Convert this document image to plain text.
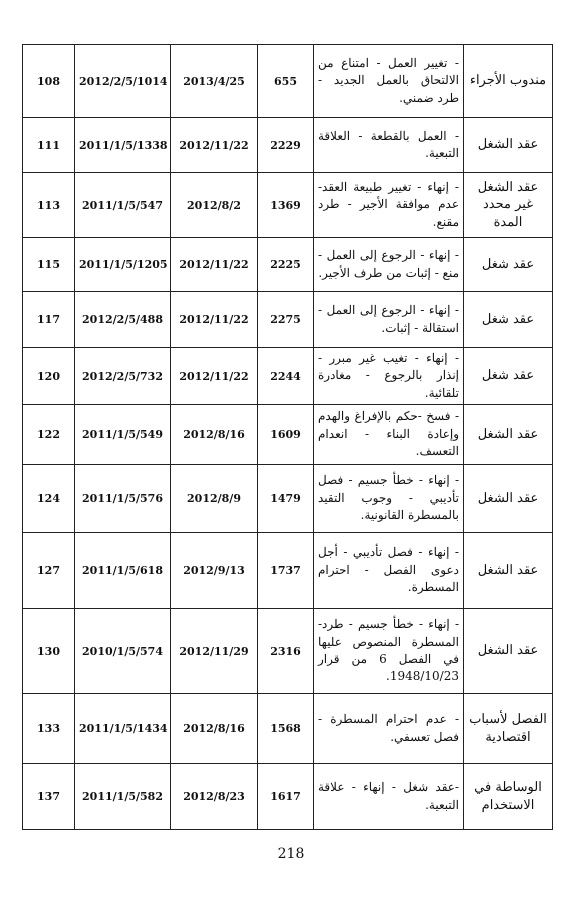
مندوب الأجراء	- تغيير العمل - امتناع من الالتحاق بالعمل الجديد - طرد ضمني.	655	2013/4/25	2012/2/5/1014	108
عقد الشغل	- العمل بالقطعة - العلاقة التبعية.	2229	2012/11/22	2011/1/5/1338	111
عقد الشغل غير محدد المدة	- إنهاء - تغيير طبيعة العقد- عدم موافقة الأجير - طرد مقنع.	1369	2012/8/2	2011/1/5/547	113
عقد شغل	- إنهاء - الرجوع إلى العمل - منع - إثبات من طرف الأجير.	2225	2012/11/22	2011/1/5/1205	115
عقد شغل	- إنهاء - الرجوع إلى العمل - استقالة - إثبات.	2275	2012/11/22	2012/2/5/488	117
عقد شغل	- إنهاء - تغيب غير مبرر - إنذار بالرجوع - مغادرة تلقائية.	2244	2012/11/22	2012/2/5/732	120
عقد الشغل	- فسخ -حكم بالإفراغ والهدم وإعادة البناء - انعدام التعسف.	1609	2012/8/16	2011/1/5/549	122
عقد الشغل	- إنهاء - خطأ جسيم - فصل تأديبي - وجوب التقيد بالمسطرة القانونية.	1479	2012/8/9	2011/1/5/576	124
عقد الشغل	- إنهاء - فصل تأديبي - أجل دعوى الفصل - احترام المسطرة.	1737	2012/9/13	2011/1/5/618	127
عقد الشغل	- إنهاء - خطأ جسيم - طرد- المسطرة المنصوص عليها في الفصل 6 من قرار 1948/10/23.	2316	2012/11/29	2010/1/5/574	130
الفصل لأسباب اقتصادية	- عدم احترام المسطرة - فصل تعسفي.	1568	2012/8/16	2011/1/5/1434	133
الوساطة في الاستخدام	-عقد شغل - إنهاء - علاقة التبعية.	1617	2012/8/23	2011/1/5/582	137
218
